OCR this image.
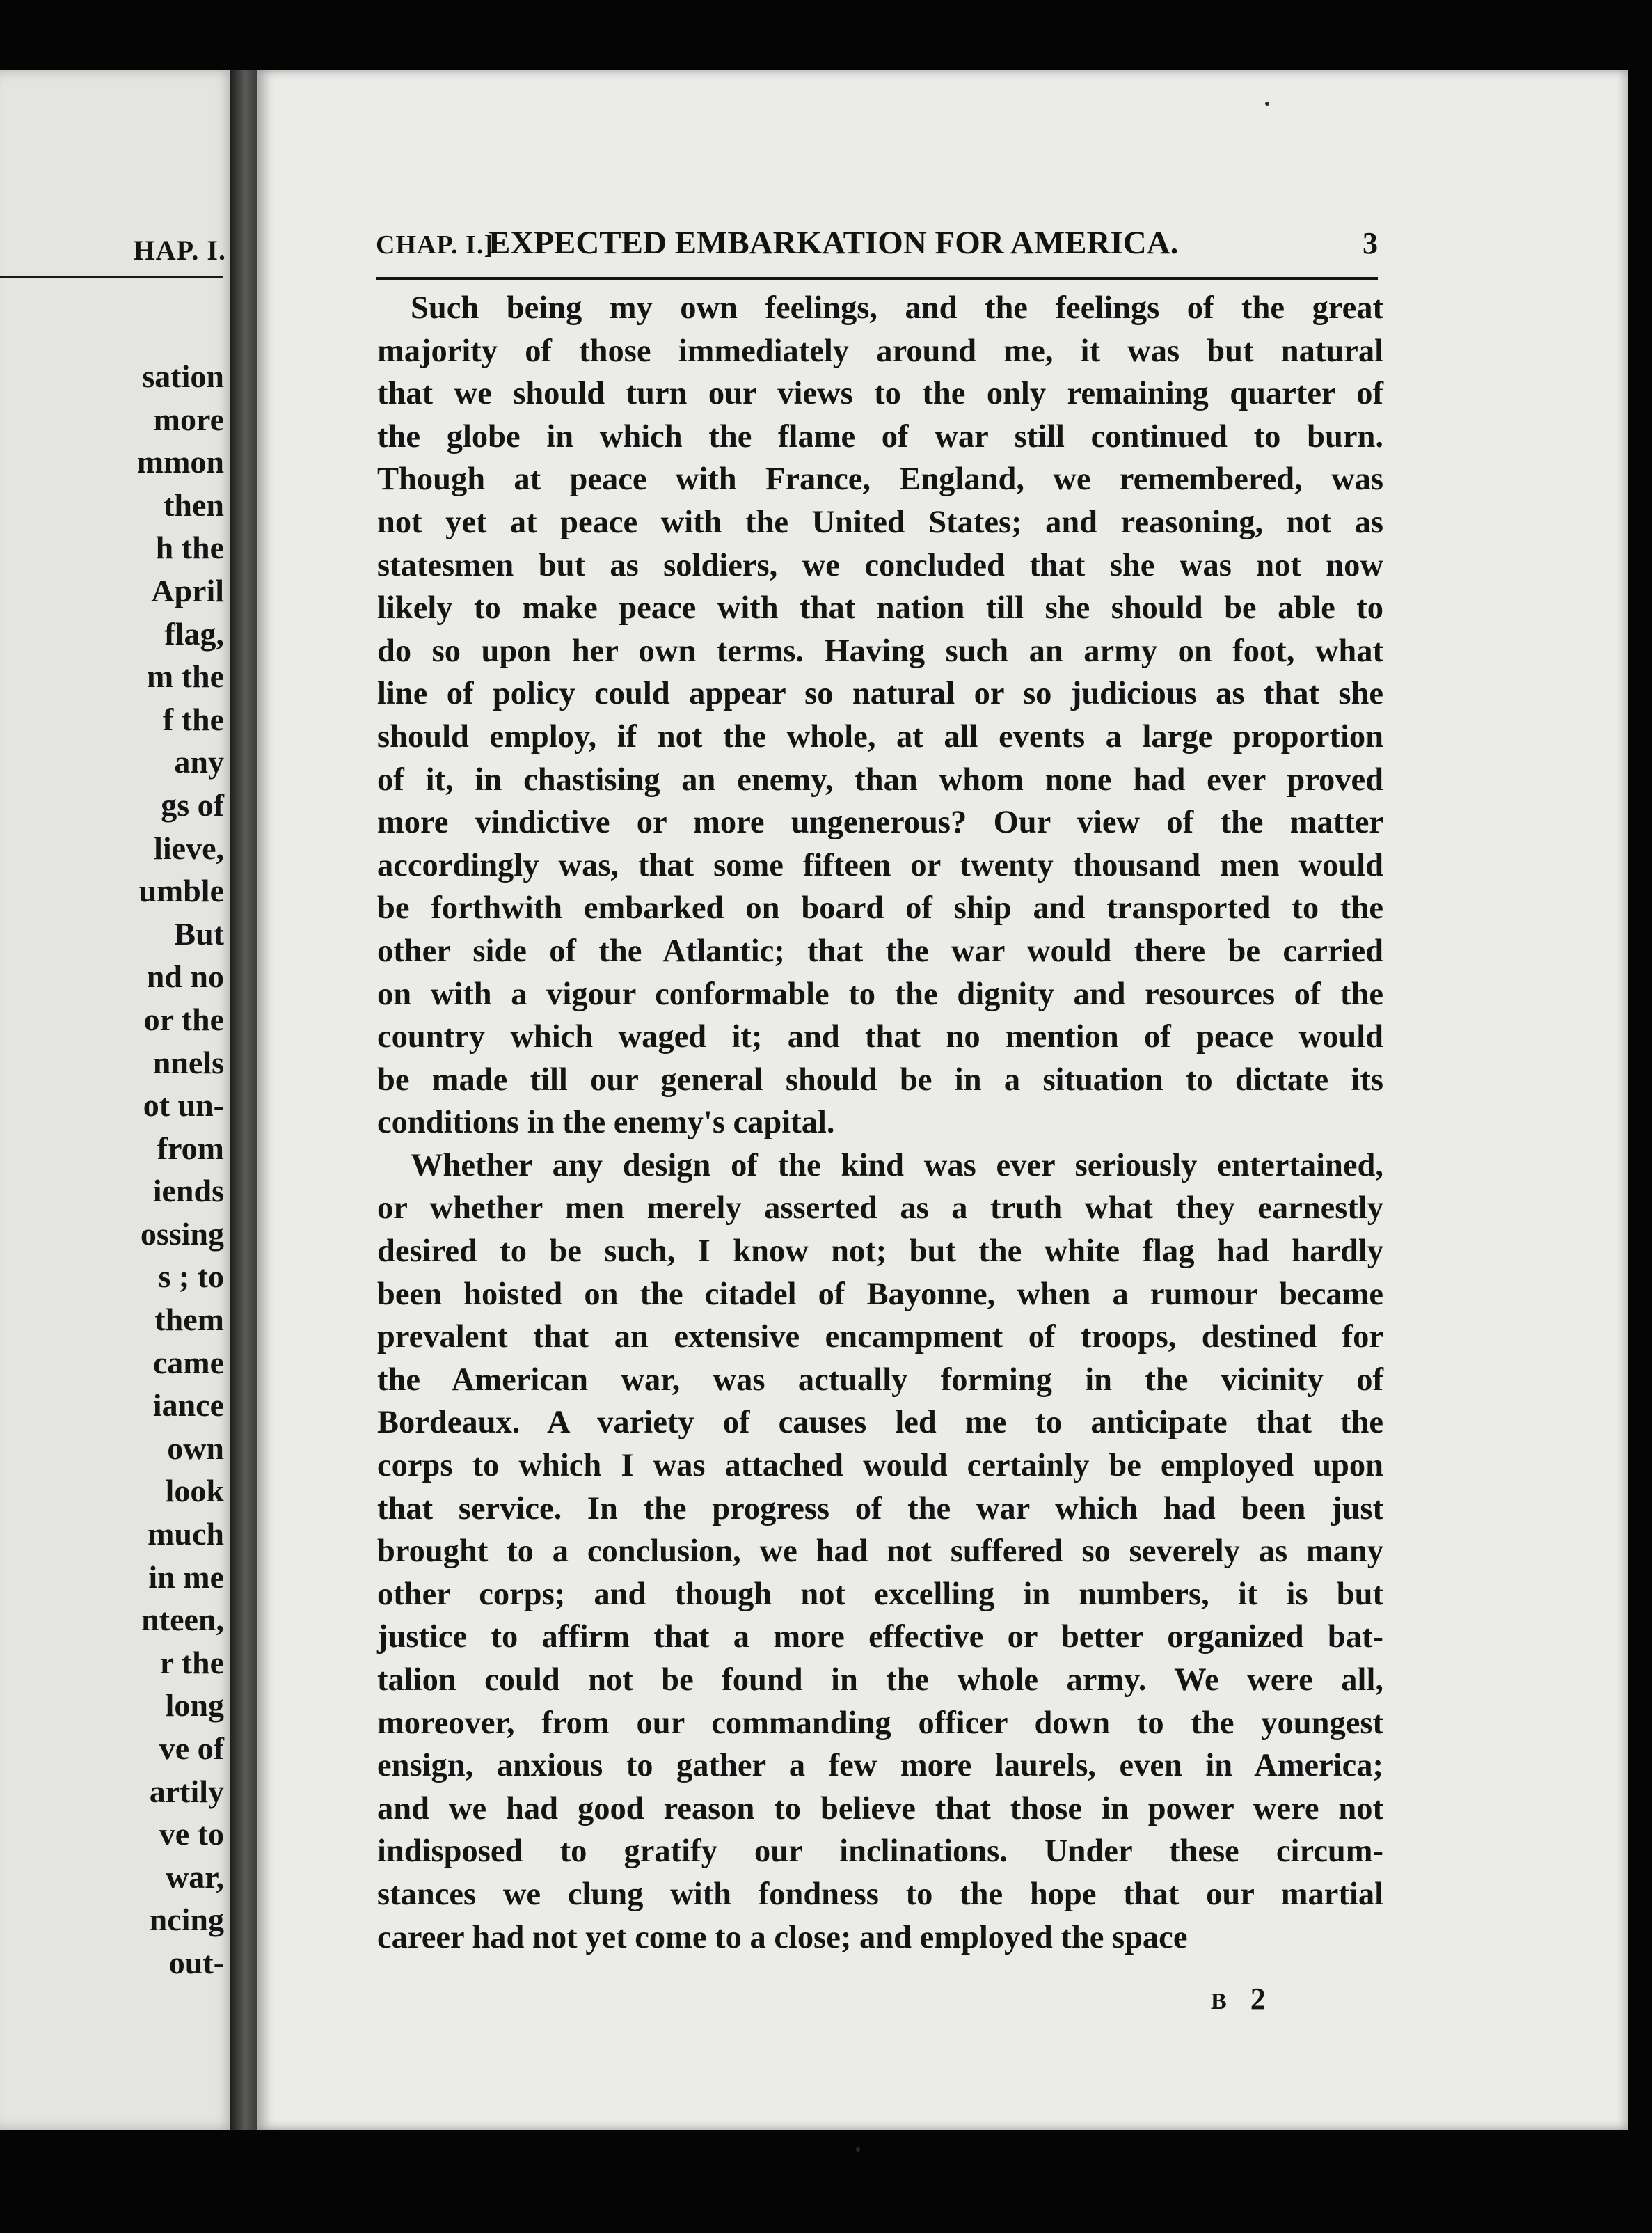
HAP. I.
sation
more
mmon
then
h the
April
flag,
m the
f the
any
gs of
lieve,
umble
But
nd no
or the
nnels
ot un-
from
iends
ossing
s ; to
them
came
iance
own
look
much
in me
nteen,
r the
long
ve of
artily
ve to
war,
ncing
out-
CHAP. I.]
EXPECTED EMBARKATION FOR AMERICA.	3
Such being my own feelings, and the feelings of the great
majority of those immediately around me, it was but natural
that we should turn our views to the only remaining quarter of
the globe in which the flame of war still continued to burn.
Though at peace with France, England, we remembered, was
not yet at peace with the United States; and reasoning, not as
statesmen but as soldiers, we concluded that she was not now
likely to make peace with that nation till she should be able to
do so upon her own terms. Having such an army on foot, what
line of policy could appear so natural or so judicious as that she
should employ, if not the whole, at all events a large proportion
of it, in chastising an enemy, than whom none had ever proved
more vindictive or more ungenerous? Our view of the matter
accordingly was, that some fifteen or twenty thousand men would
be forthwith embarked on board of ship and transported to the
other side of the Atlantic; that the war would there be carried
on with a vigour conformable to the dignity and resources of the
country which waged it; and that no mention of peace would
be made till our general should be in a situation to dictate its
conditions in the enemy's capital.
Whether any design of the kind was ever seriously entertained,
or whether men merely asserted as a truth what they earnestly
desired to be such, I know not; but the white flag had hardly
been hoisted on the citadel of Bayonne, when a rumour became
prevalent that an extensive encampment of troops, destined for
the American war, was actually forming in the vicinity of
Bordeaux. A variety of causes led me to anticipate that the
corps to which I was attached would certainly be employed upon
that service. In the progress of the war which had been just
brought to a conclusion, we had not suffered so severely as many
other corps; and though not excelling in numbers, it is but
justice to affirm that a more effective or better organized bat-
talion could not be found in the whole army. We were all,
moreover, from our commanding officer down to the youngest
ensign, anxious to gather a few more laurels, even in America;
and we had good reason to believe that those in power were not
indisposed to gratify our inclinations. Under these circum-
stances we clung with fondness to the hope that our martial
career had not yet come to a close; and employed the space
B 2
